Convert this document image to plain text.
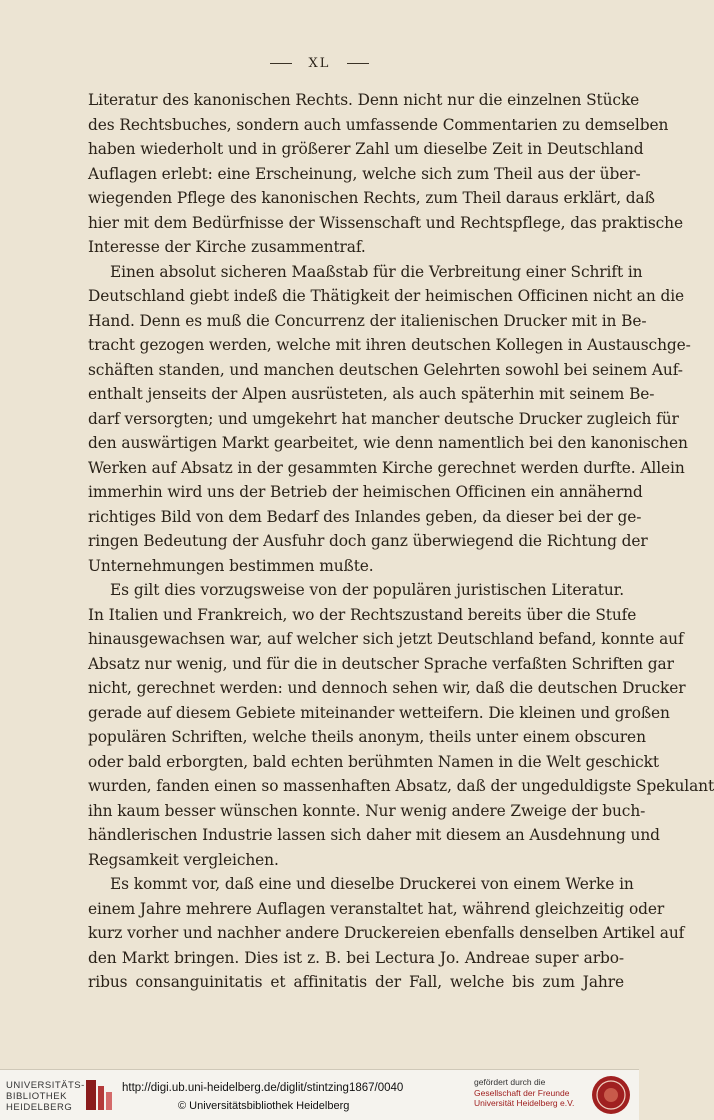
XL
Literatur des kanonischen Rechts. Denn nicht nur die einzelnen Stücke
des Rechtsbuches, sondern auch umfassende Commentarien zu demselben
haben wiederholt und in größerer Zahl um dieselbe Zeit in Deutschland
Auflagen erlebt: eine Erscheinung, welche sich zum Theil aus der über-
wiegenden Pflege des kanonischen Rechts, zum Theil daraus erklärt, daß
hier mit dem Bedürfnisse der Wissenschaft und Rechtspflege, das praktische
Interesse der Kirche zusammentraf.
Einen absolut sicheren Maaßstab für die Verbreitung einer Schrift in
Deutschland giebt indeß die Thätigkeit der heimischen Officinen nicht an die
Hand. Denn es muß die Concurrenz der italienischen Drucker mit in Be-
tracht gezogen werden, welche mit ihren deutschen Kollegen in Austauschge-
schäften standen, und manchen deutschen Gelehrten sowohl bei seinem Auf-
enthalt jenseits der Alpen ausrüsteten, als auch späterhin mit seinem Be-
darf versorgten; und umgekehrt hat mancher deutsche Drucker zugleich für
den auswärtigen Markt gearbeitet, wie denn namentlich bei den kanonischen
Werken auf Absatz in der gesammten Kirche gerechnet werden durfte. Allein
immerhin wird uns der Betrieb der heimischen Officinen ein annähernd
richtiges Bild von dem Bedarf des Inlandes geben, da dieser bei der ge-
ringen Bedeutung der Ausfuhr doch ganz überwiegend die Richtung der
Unternehmungen bestimmen mußte.
Es gilt dies vorzugsweise von der populären juristischen Literatur.
In Italien und Frankreich, wo der Rechtszustand bereits über die Stufe
hinausgewachsen war, auf welcher sich jetzt Deutschland befand, konnte auf
Absatz nur wenig, und für die in deutscher Sprache verfaßten Schriften gar
nicht, gerechnet werden: und dennoch sehen wir, daß die deutschen Drucker
gerade auf diesem Gebiete miteinander wetteifern. Die kleinen und großen
populären Schriften, welche theils anonym, theils unter einem obscuren
oder bald erborgten, bald echten berühmten Namen in die Welt geschickt
wurden, fanden einen so massenhaften Absatz, daß der ungeduldigste Spekulant
ihn kaum besser wünschen konnte. Nur wenig andere Zweige der buch-
händlerischen Industrie lassen sich daher mit diesem an Ausdehnung und
Regsamkeit vergleichen.
Es kommt vor, daß eine und dieselbe Druckerei von einem Werke in
einem Jahre mehrere Auflagen veranstaltet hat, während gleichzeitig oder
kurz vorher und nachher andere Druckereien ebenfalls denselben Artikel auf
den Markt bringen. Dies ist z. B. bei Lectura Jo. Andreae super arbo-
ribus consanguinitatis et affinitatis der Fall, welche bis zum Jahre
UNIVERSITÄTS-
BIBLIOTHEK
HEIDELBERG
http://digi.ub.uni-heidelberg.de/diglit/stintzing1867/0040
© Universitätsbibliothek Heidelberg
gefördert durch die
Gesellschaft der Freunde
Universität Heidelberg e.V.
